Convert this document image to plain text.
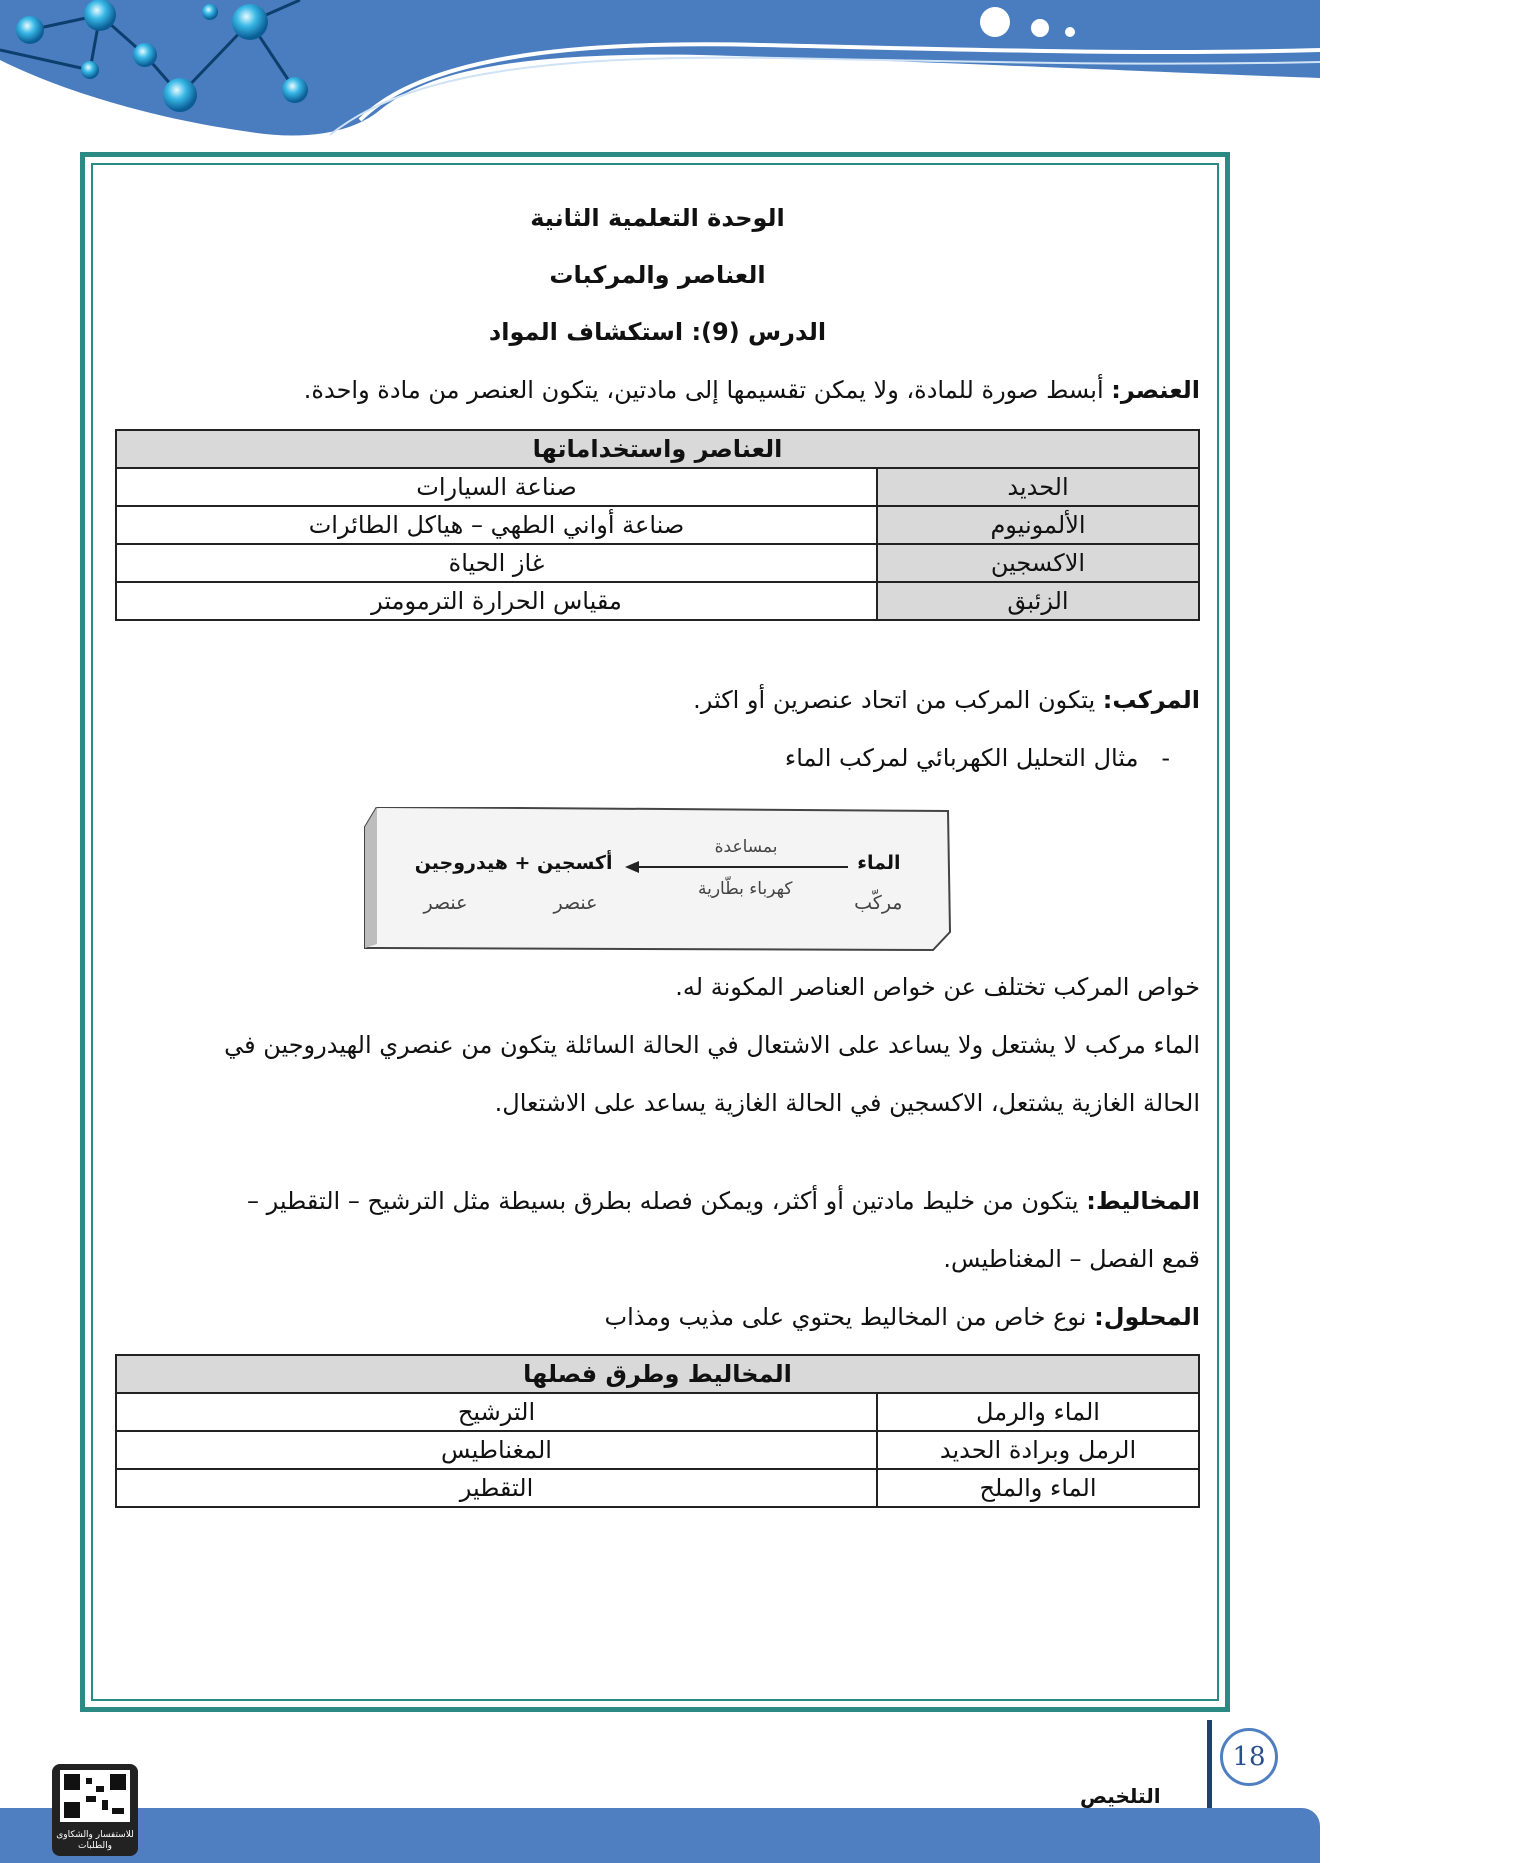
الوحدة التعلمية الثانية
العناصر والمركبات
الدرس (9): استكشاف المواد

العنصر: أبسط صورة للمادة، ولا يمكن تقسيمها إلى مادتين، يتكون العنصر من مادة واحدة.

العناصر واستخداماتها	
الحديد	صناعة السيارات
الألمونيوم	صناعة أواني الطهي – هياكل الطائرات
الاكسجين	غاز الحياة
الزئبق	مقياس الحرارة الترمومتر

المركب: يتكون المركب من اتحاد عنصرين أو اكثر.

-   مثال التحليل الكهربائي لمركب الماء

الماء
مركّب
بمساعدة
كهرباء بطّارية
أكسجين + هيدروجين
عنصر
عنصر

خواص المركب تختلف عن خواص العناصر المكونة له.

الماء مركب لا يشتعل ولا يساعد على الاشتعال في الحالة السائلة يتكون من عنصري الهيدروجين في

الحالة الغازية يشتعل، الاكسجين في الحالة الغازية يساعد على الاشتعال.

المخاليط: يتكون من خليط مادتين أو أكثر، ويمكن فصله بطرق بسيطة مثل الترشيح – التقطير –

قمع الفصل – المغناطيس.

المحلول: نوع خاص من المخاليط يحتوي على مذيب ومذاب

المخاليط وطرق فصلها	
الماء والرمل	الترشيح
الرمل وبرادة الحديد	المغناطيس
الماء والملح	التقطير
18
التلخيص
للاستفسار والشكاوى والطلبات
